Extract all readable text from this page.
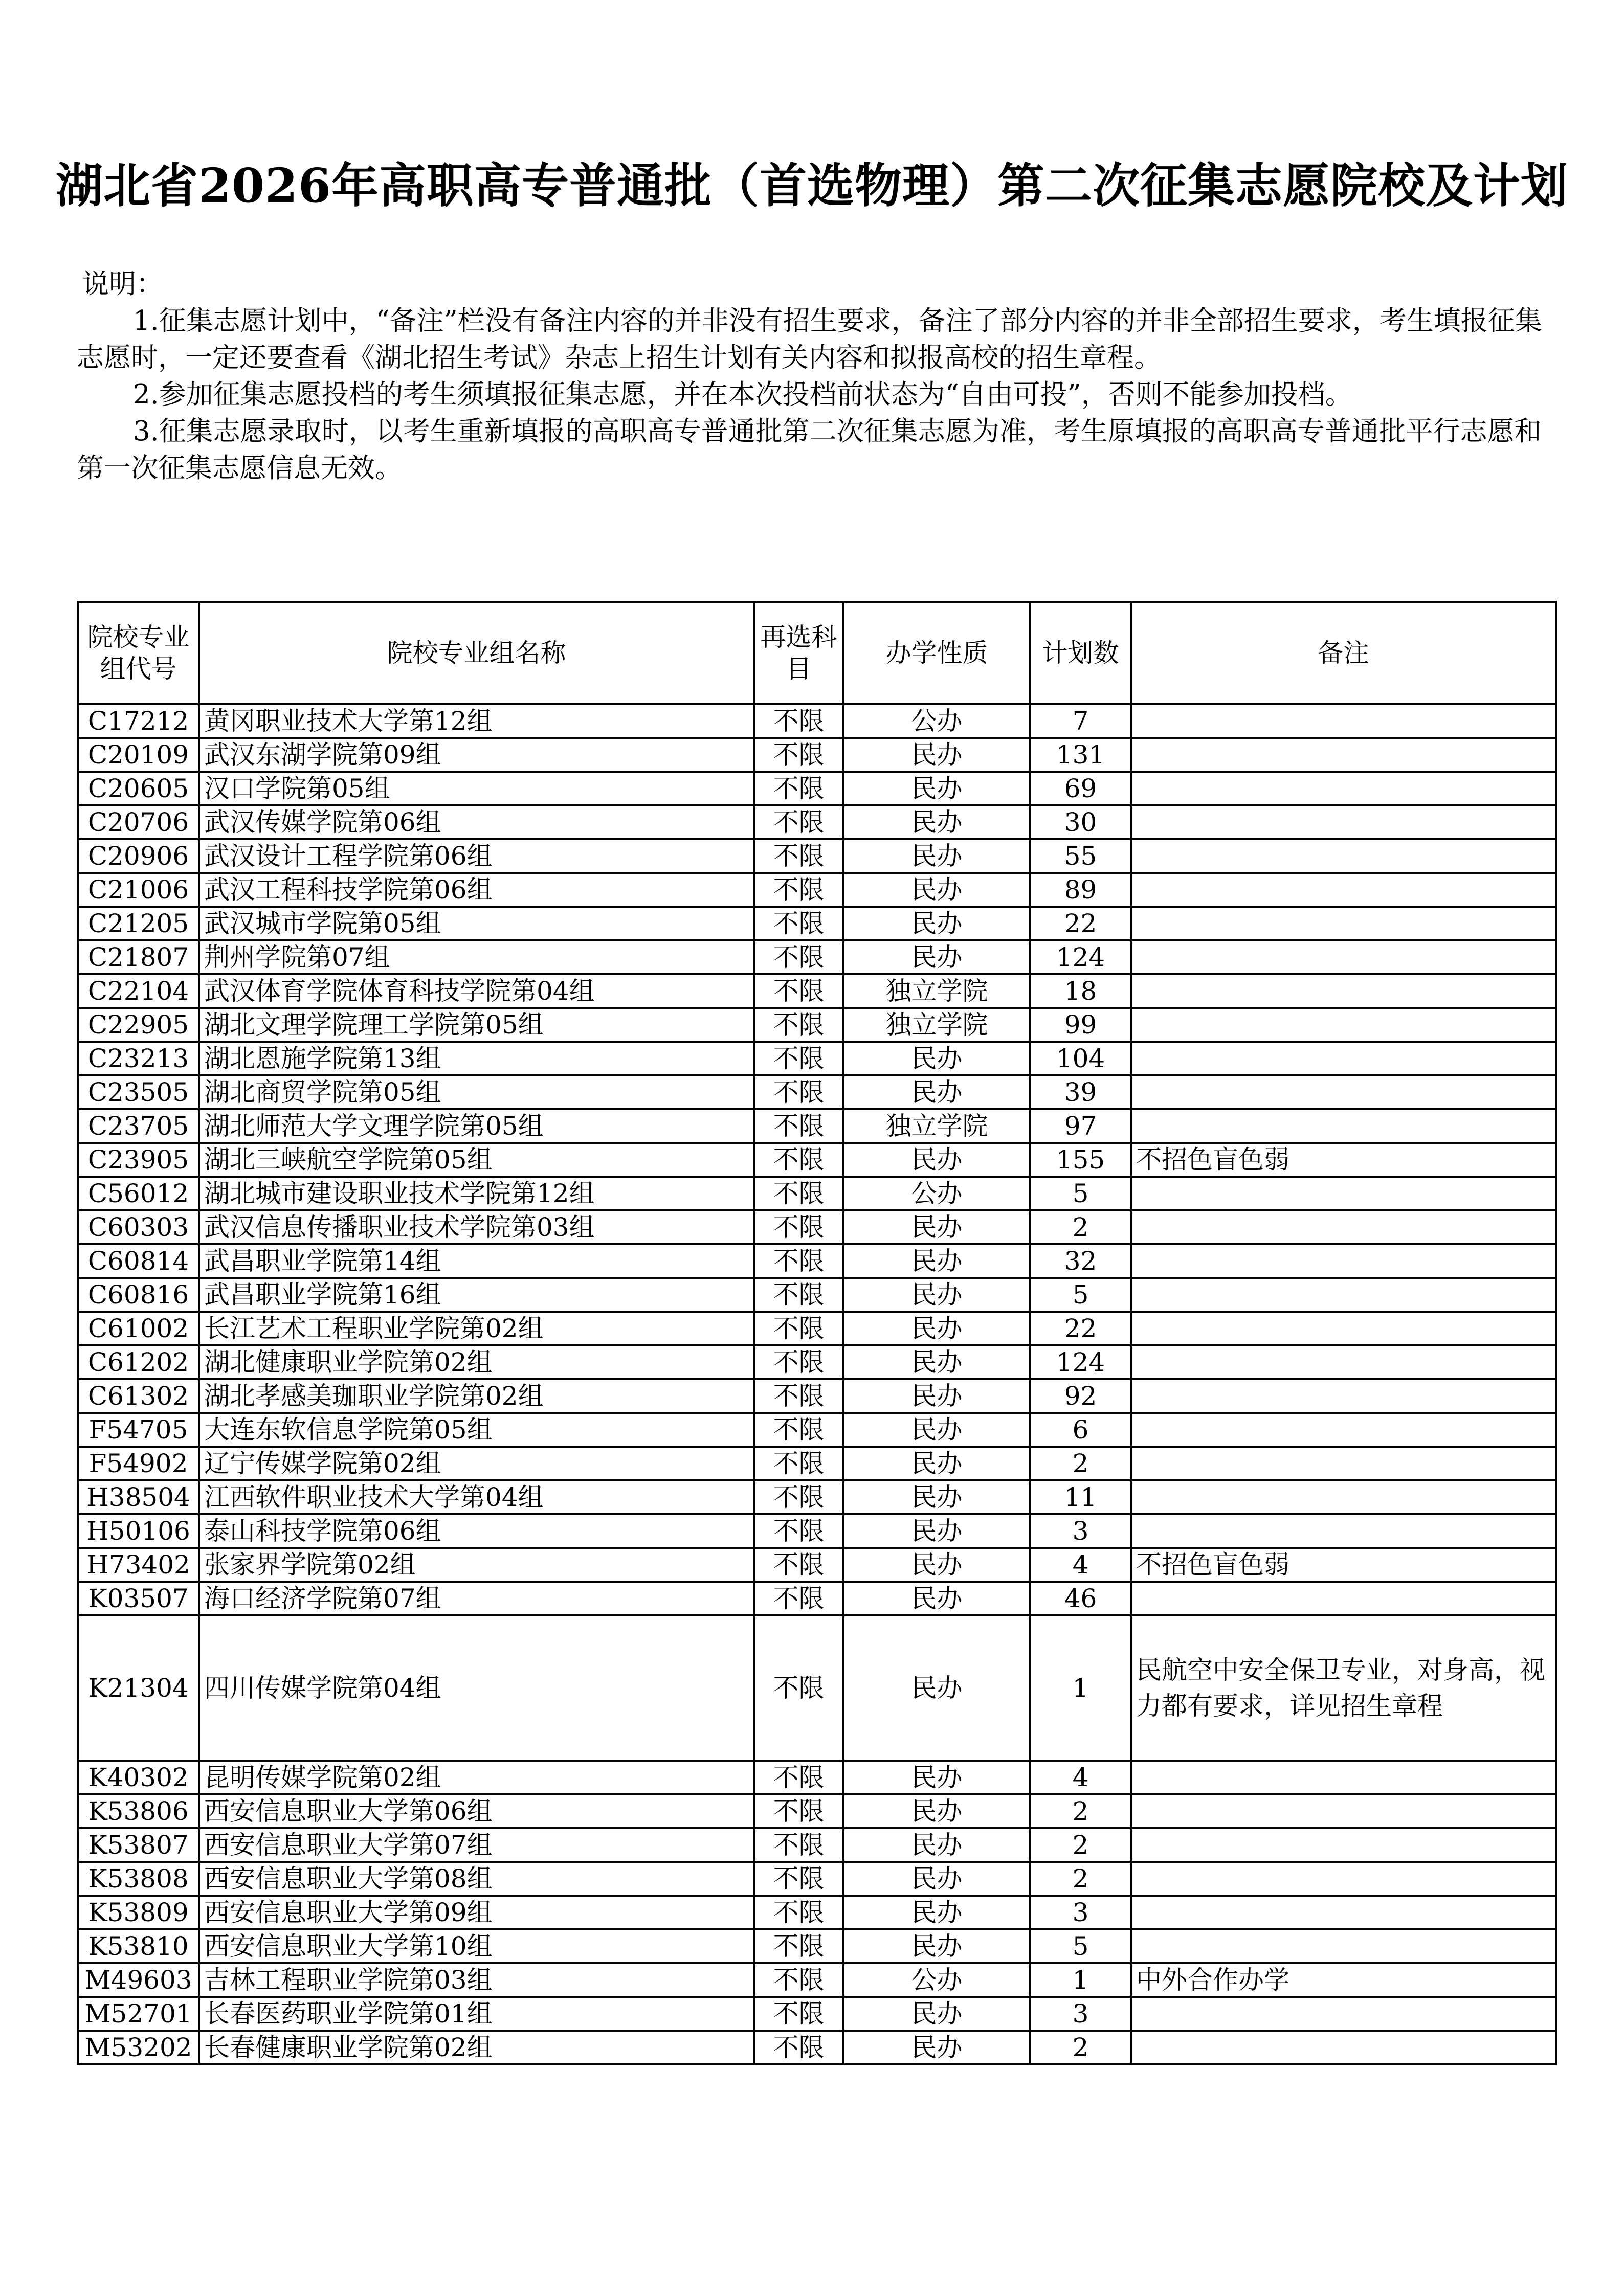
湖北省2026年高职高专普通批（首选物理）第二次征集志愿院校及计划

说明：

1.征集志愿计划中，“备注”栏没有备注内容的并非没有招生要求，备注了部分内容的并非全部招生要求，考生填报征集志愿时，一定还要查看《湖北招生考试》杂志上招生计划有关内容和拟报高校的招生章程。

2.参加征集志愿投档的考生须填报征集志愿，并在本次投档前状态为“自由可投”，否则不能参加投档。

3.征集志愿录取时，以考生重新填报的高职高专普通批第二次征集志愿为准，考生原填报的高职高专普通批平行志愿和第一次征集志愿信息无效。

院校专业组代号	院校专业组名称	再选科目	办学性质	计划数	备注
C17212	黄冈职业技术大学第12组	不限	公办	7	
C20109	武汉东湖学院第09组	不限	民办	131	
C20605	汉口学院第05组	不限	民办	69	
C20706	武汉传媒学院第06组	不限	民办	30	
C20906	武汉设计工程学院第06组	不限	民办	55	
C21006	武汉工程科技学院第06组	不限	民办	89	
C21205	武汉城市学院第05组	不限	民办	22	
C21807	荆州学院第07组	不限	民办	124	
C22104	武汉体育学院体育科技学院第04组	不限	独立学院	18	
C22905	湖北文理学院理工学院第05组	不限	独立学院	99	
C23213	湖北恩施学院第13组	不限	民办	104	
C23505	湖北商贸学院第05组	不限	民办	39	
C23705	湖北师范大学文理学院第05组	不限	独立学院	97	
C23905	湖北三峡航空学院第05组	不限	民办	155	不招色盲色弱
C56012	湖北城市建设职业技术学院第12组	不限	公办	5	
C60303	武汉信息传播职业技术学院第03组	不限	民办	2	
C60814	武昌职业学院第14组	不限	民办	32	
C60816	武昌职业学院第16组	不限	民办	5	
C61002	长江艺术工程职业学院第02组	不限	民办	22	
C61202	湖北健康职业学院第02组	不限	民办	124	
C61302	湖北孝感美珈职业学院第02组	不限	民办	92	
F54705	大连东软信息学院第05组	不限	民办	6	
F54902	辽宁传媒学院第02组	不限	民办	2	
H38504	江西软件职业技术大学第04组	不限	民办	11	
H50106	泰山科技学院第06组	不限	民办	3	
H73402	张家界学院第02组	不限	民办	4	不招色盲色弱
K03507	海口经济学院第07组	不限	民办	46	
K21304	四川传媒学院第04组	不限	民办	1	民航空中安全保卫专业，对身高，视力都有要求，详见招生章程
K40302	昆明传媒学院第02组	不限	民办	4	
K53806	西安信息职业大学第06组	不限	民办	2	
K53807	西安信息职业大学第07组	不限	民办	2	
K53808	西安信息职业大学第08组	不限	民办	2	
K53809	西安信息职业大学第09组	不限	民办	3	
K53810	西安信息职业大学第10组	不限	民办	5	
M49603	吉林工程职业学院第03组	不限	公办	1	中外合作办学
M52701	长春医药职业学院第01组	不限	民办	3	
M53202	长春健康职业学院第02组	不限	民办	2	
